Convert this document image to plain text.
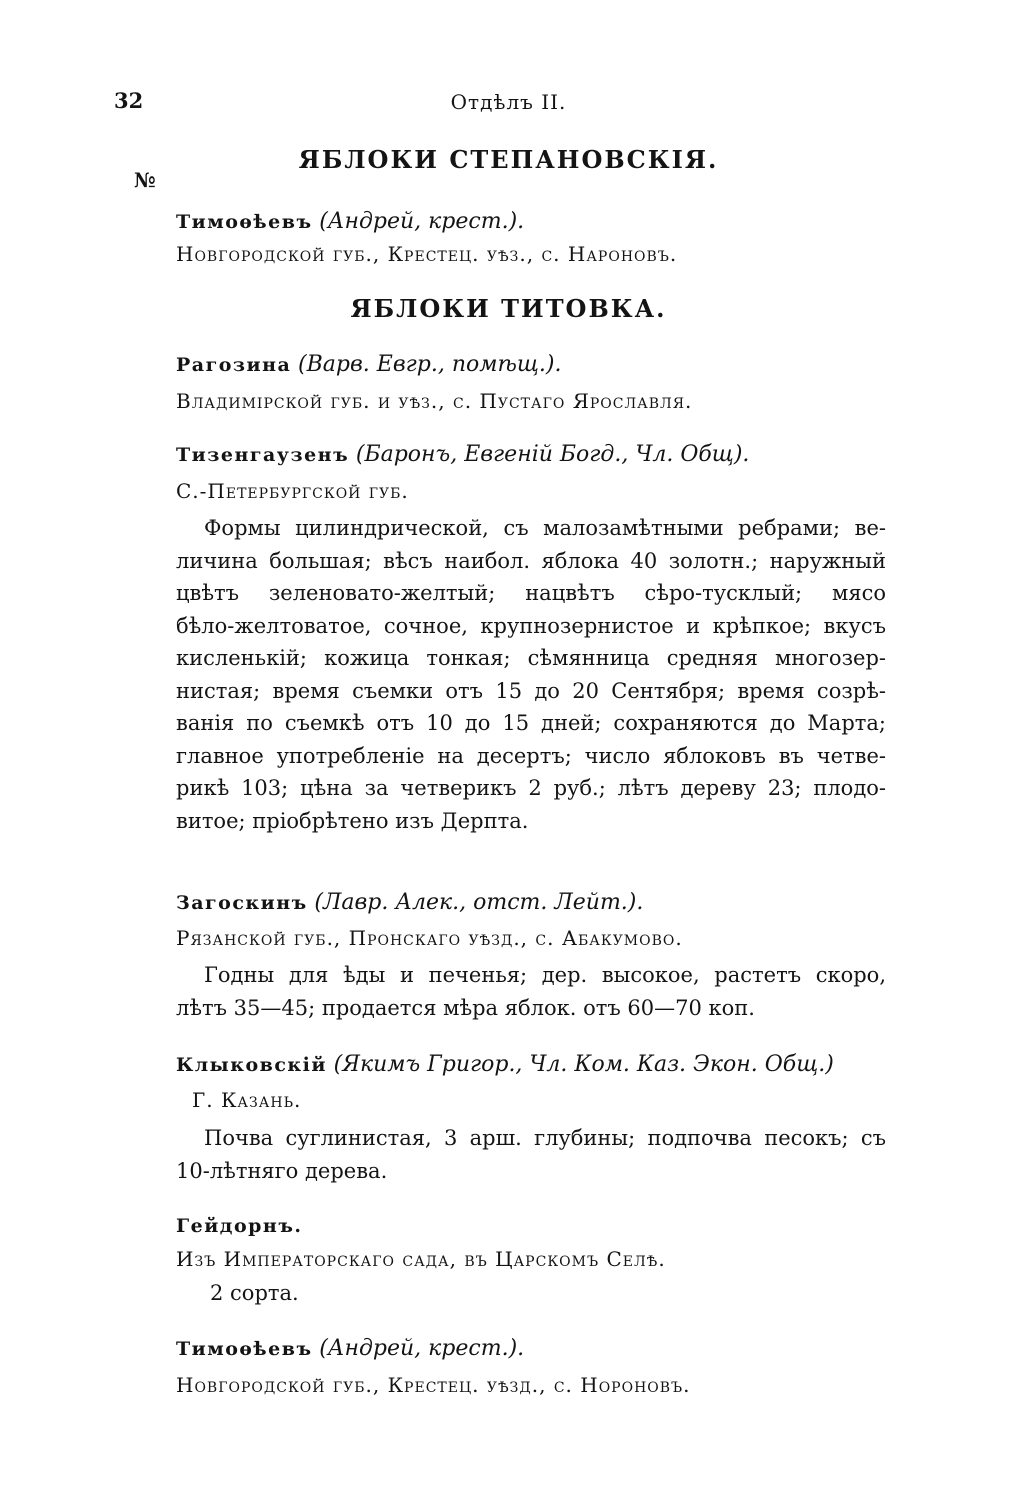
32	Отдѣлъ II.
ЯБЛОКИ СТЕПАНОВСКІЯ.
№
Тимоѳѣевъ (Андрей, крест.).
Новгородской губ., Крестец. уѣз., с. Нароновъ.
ЯБЛОКИ ТИТОВКА.
Рагозина (Варв. Евгр., помѣщ.).
Владимірской губ. и уѣз., с. Пустаго Ярославля.
Тизенгаузенъ (Баронъ, Евгеній Богд., Чл. Общ).
С.-Петербургской губ.
Формы цилиндрической, съ малозамѣтными ребрами; ве-
личина большая; вѣсъ наибол. яблока 40 золотн.; наружный
цвѣтъ зеленовато-желтый; нацвѣтъ сѣро-тусклый; мясо
бѣло-желтоватое, сочное, крупнозернистое и крѣпкое; вкусъ
кисленькій; кожица тонкая; сѣмянница средняя многозер-
нистая; время съемки отъ 15 до 20 Сентября; время созрѣ-
ванія по съемкѣ отъ 10 до 15 дней; сохраняются до Марта;
главное употребленіе на десертъ; число яблоковъ въ четве-
рикѣ 103; цѣна за четверикъ 2 руб.; лѣтъ дереву 23; плодо-
витое; пріобрѣтено изъ Дерпта.
Загоскинъ (Лавр. Алек., отст. Лейт.).
Рязанской губ., Пронскаго уѣзд., с. Абакумово.
Годны для ѣды и печенья; дер. высокое, растетъ скоро,
лѣтъ 35—45; продается мѣра яблок. отъ 60—70 коп.
Клыковскій (Якимъ Григор., Чл. Ком. Каз. Экон. Общ.)
Г. Казань.
Почва суглинистая, 3 арш. глубины; подпочва песокъ; съ
10-лѣтняго дерева.
Гейдорнъ.
Изъ Императорскаго сада, въ Царскомъ Селѣ.
2 сорта.
Тимоѳѣевъ (Андрей, крест.).
Новгородской губ., Крестец. уѣзд., с. Нороновъ.
